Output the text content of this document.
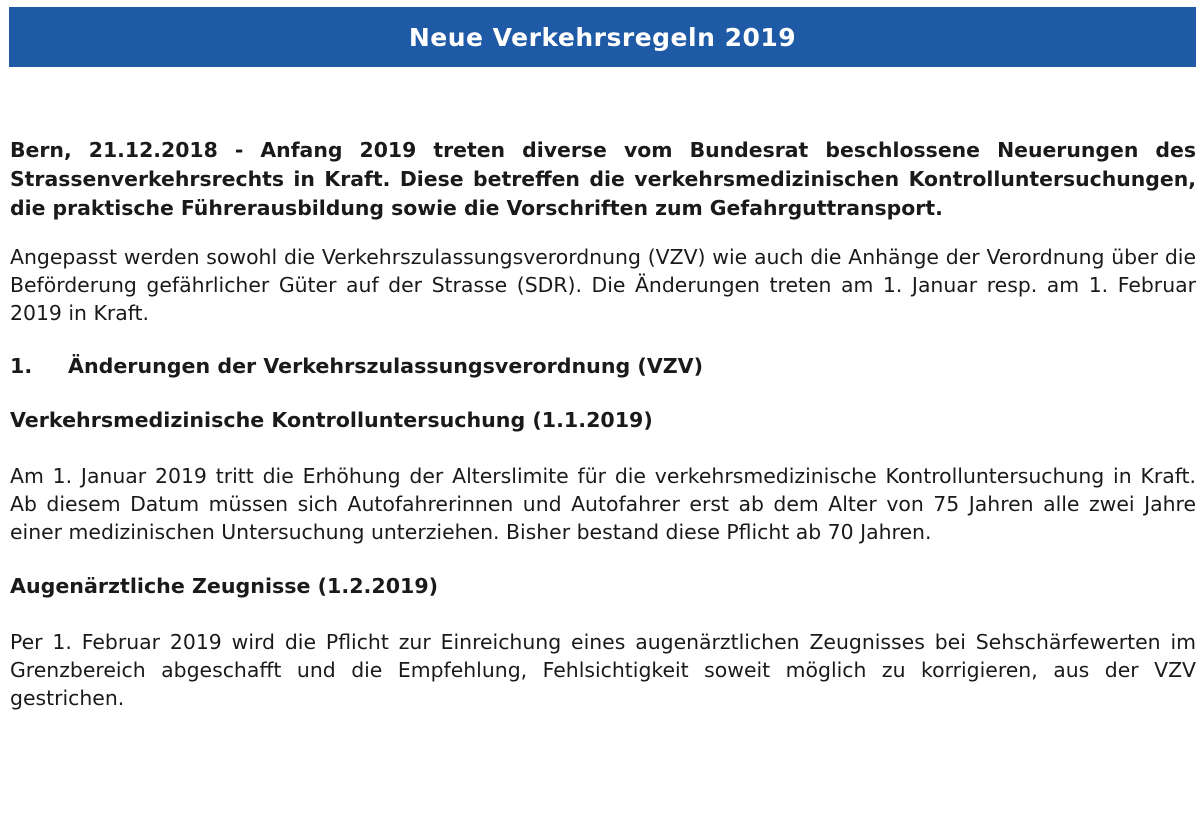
Neue Verkehrsregeln 2019

Bern, 21.12.2018 - Anfang 2019 treten diverse vom Bundesrat beschlossene Neuerungen des Strassenverkehrsrechts in Kraft. Diese betreffen die verkehrsmedizinischen Kontrolluntersuchungen, die praktische Führerausbildung sowie die Vorschriften zum Gefahrguttransport.

Angepasst werden sowohl die Verkehrszulassungsverordnung (VZV) wie auch die Anhänge der Verordnung über die Beförderung gefährlicher Güter auf der Strasse (SDR). Die Änderungen treten am 1. Januar resp. am 1. Februar 2019 in Kraft.

1.	Änderungen der Verkehrszulassungsverordnung (VZV)
Verkehrsmedizinische Kontrolluntersuchung (1.1.2019)

Am 1. Januar 2019 tritt die Erhöhung der Alterslimite für die verkehrsmedizinische Kontrolluntersuchung in Kraft. Ab diesem Datum müssen sich Autofahrerinnen und Autofahrer erst ab dem Alter von 75 Jahren alle zwei Jahre einer medizinischen Untersuchung unterziehen. Bisher bestand diese Pflicht ab 70 Jahren.

Augenärztliche Zeugnisse (1.2.2019)

Per 1. Februar 2019 wird die Pflicht zur Einreichung eines augenärztlichen Zeugnisses bei Sehschärfewerten im Grenzbereich abgeschafft und die Empfehlung, Fehlsichtigkeit soweit möglich zu korrigieren, aus der VZV gestrichen.
